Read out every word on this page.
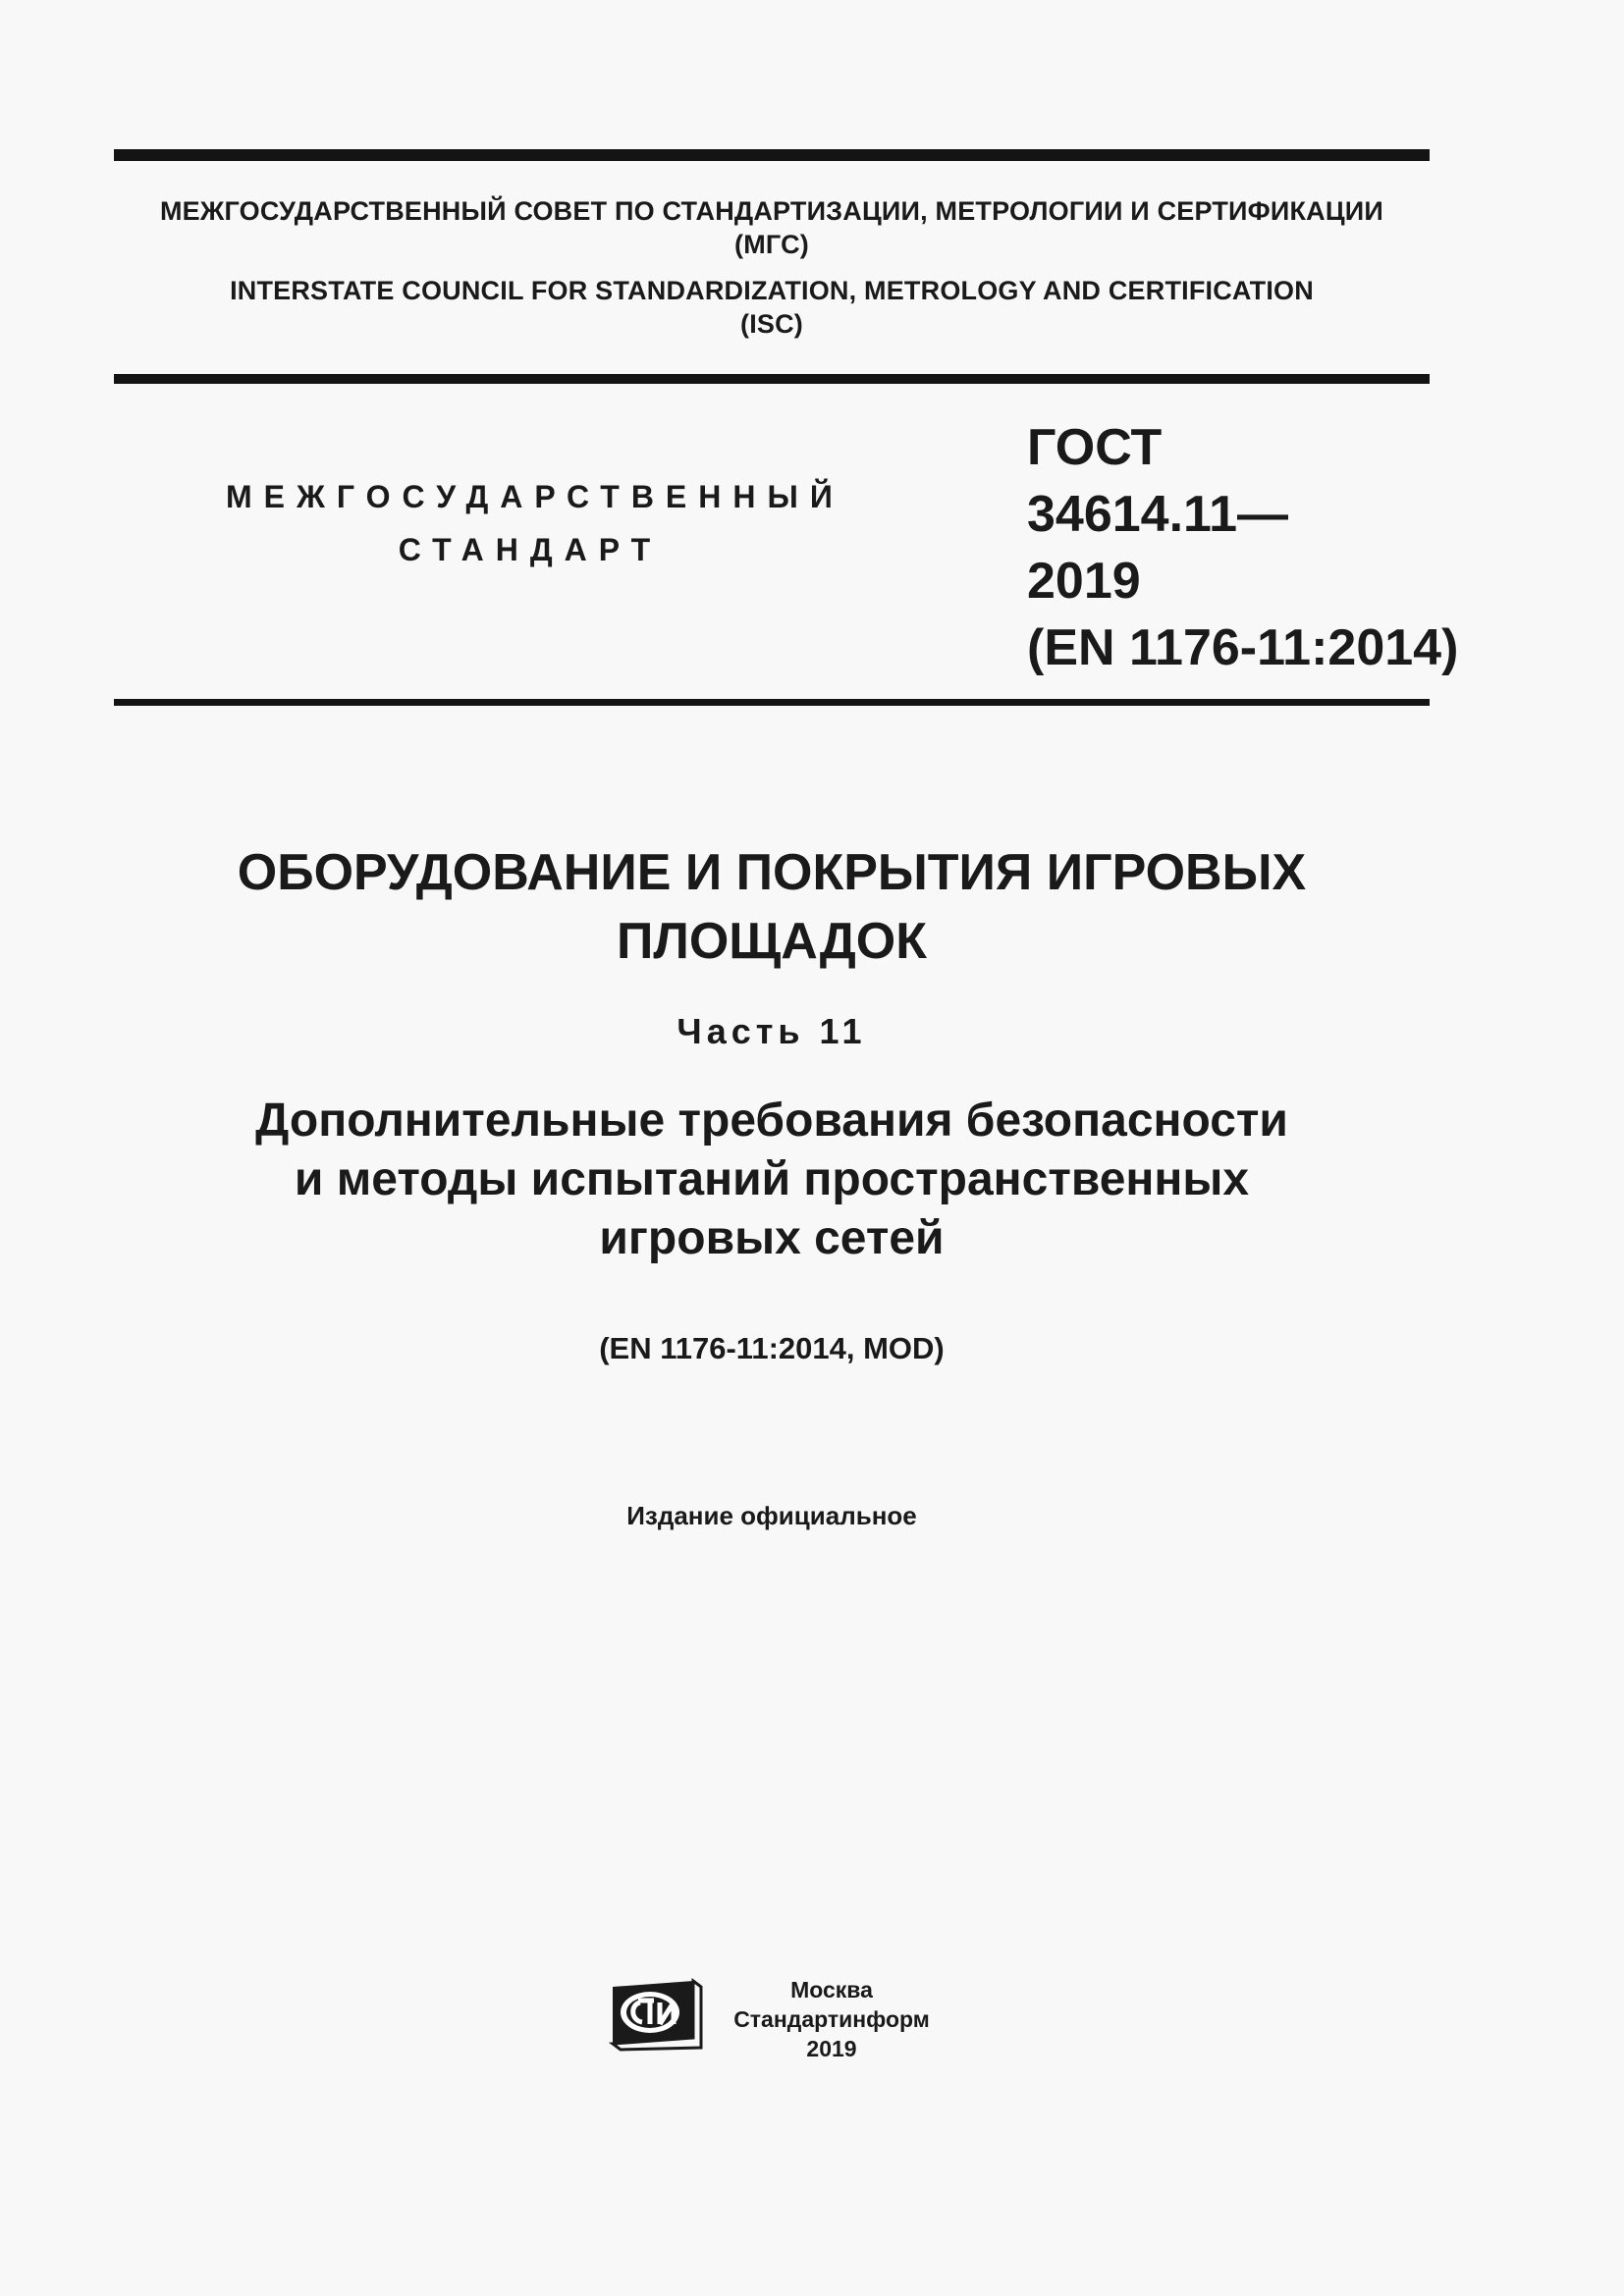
МЕЖГОСУДАРСТВЕННЫЙ СОВЕТ ПО СТАНДАРТИЗАЦИИ, МЕТРОЛОГИИ И СЕРТИФИКАЦИИ
(МГС)
INTERSTATE COUNCIL FOR STANDARDIZATION, METROLOGY AND CERTIFICATION
(ISC)
МЕЖГОСУДАРСТВЕННЫЙ
СТАНДАРТ
ГОСТ
34614.11—
2019
(EN 1176-11:2014)
ОБОРУДОВАНИЕ И ПОКРЫТИЯ ИГРОВЫХ
ПЛОЩАДОК
Часть 11
Дополнительные требования безопасности
и методы испытаний пространственных
игровых сетей
(EN 1176-11:2014, MOD)
Издание официальное
Москва
Стандартинформ
2019
